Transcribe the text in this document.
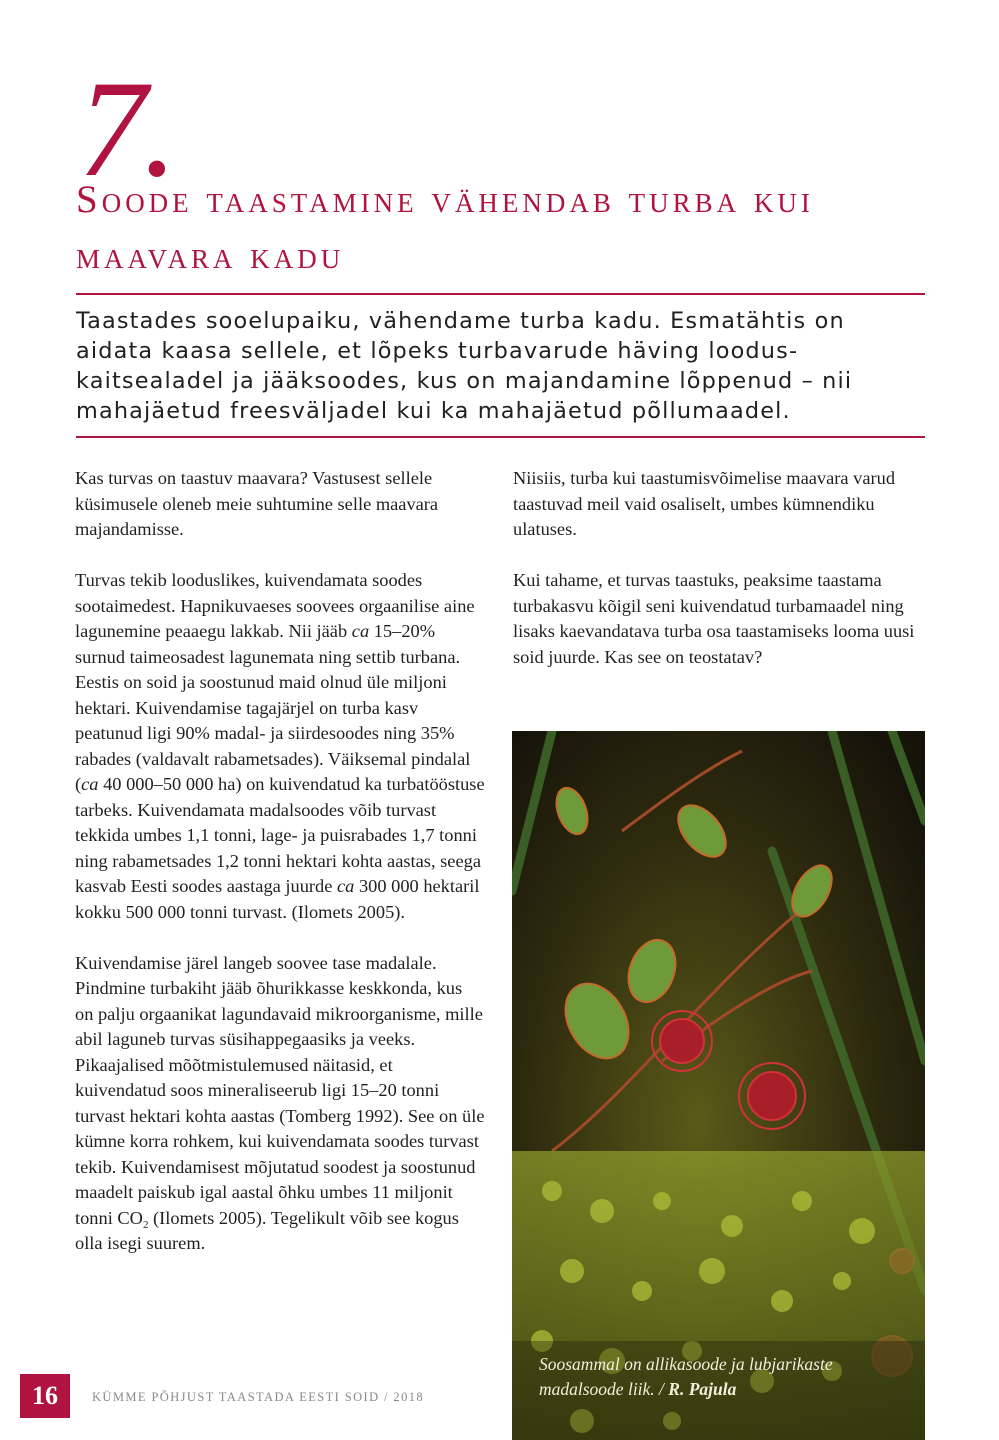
7.
Soode taastamine vähendab turba kui maavara kadu

Taastades sooelupaiku, vähendame turba kadu. Esmatähtis on aidata kaasa sellele, et lõpeks turbavarude häving looduskaitsealadel ja jääksoodes, kus on majandamine lõppenud – nii mahajäetud freesväljadel kui ka mahajäetud põllumaadel.

Kas turvas on taastuv maavara? Vastusest sellele küsimusele oleneb meie suhtumine selle maavara majandamisse.

Turvas tekib looduslikes, kuivendamata soodes sootaimedest. Hapnikuvaeses soovees orgaanilise aine lagunemine peaaegu lakkab. Nii jääb ca 15–20% surnud taimeosadest lagunemata ning settib turbana. Eestis on soid ja soostunud maid olnud üle miljoni hektari. Kuivendamise tagajärjel on turba kasv peatunud ligi 90% madal- ja siirdesoodes ning 35% rabades (valdavalt rabametsades). Väiksemal pindalal (ca 40 000–50 000 ha) on kuivendatud ka turbatööstuse tarbeks. Kuivendamata madalsoodes võib turvast tekkida umbes 1,1 tonni, lage- ja puisrabades 1,7 tonni ning rabametsades 1,2 tonni hektari kohta aastas, seega kasvab Eesti soodes aastaga juurde ca 300 000 hektaril kokku 500 000 tonni turvast. (Ilomets 2005).
Kuivendamise järel langeb soovee tase madalale. Pindmine turbakiht jääb õhurikkasse keskkonda, kus on palju orgaanikat lagundavaid mikroorganisme, mille abil laguneb turvas süsihappegaasiks ja veeks. Pikaajalised mõõtmistulemused näitasid, et kuivendatud soos mineraliseerub ligi 15–20 tonni turvast hektari kohta aastas (Tomberg 1992). See on üle kümne korra rohkem, kui kuivendamata soodes turvast tekib. Kuivendamisest mõjutatud soodest ja soostunud maadelt paiskub igal aastal õhku umbes 11 miljonit tonni $CO_2$ (Ilomets 2005). Tegelikult võib see kogus olla isegi suurem.

Niisiis, turba kui taastumisvõimelise maavara varud taastuvad meil vaid osaliselt, umbes kümnendiku ulatuses.

Kui tahame, et turvas taastuks, peaksime taastama turbakasvu kõigil seni kuivendatud turbamaadel ning lisaks kaevandatava turba osa taastamiseks looma uusi soid juurde. Kas see on teostatav?

Soosammal on allikasoode ja lubjarikaste madalsoode liik. / R. Pajula
16	KÜMME PÕHJUST TAASTADA EESTI SOID / 2018
